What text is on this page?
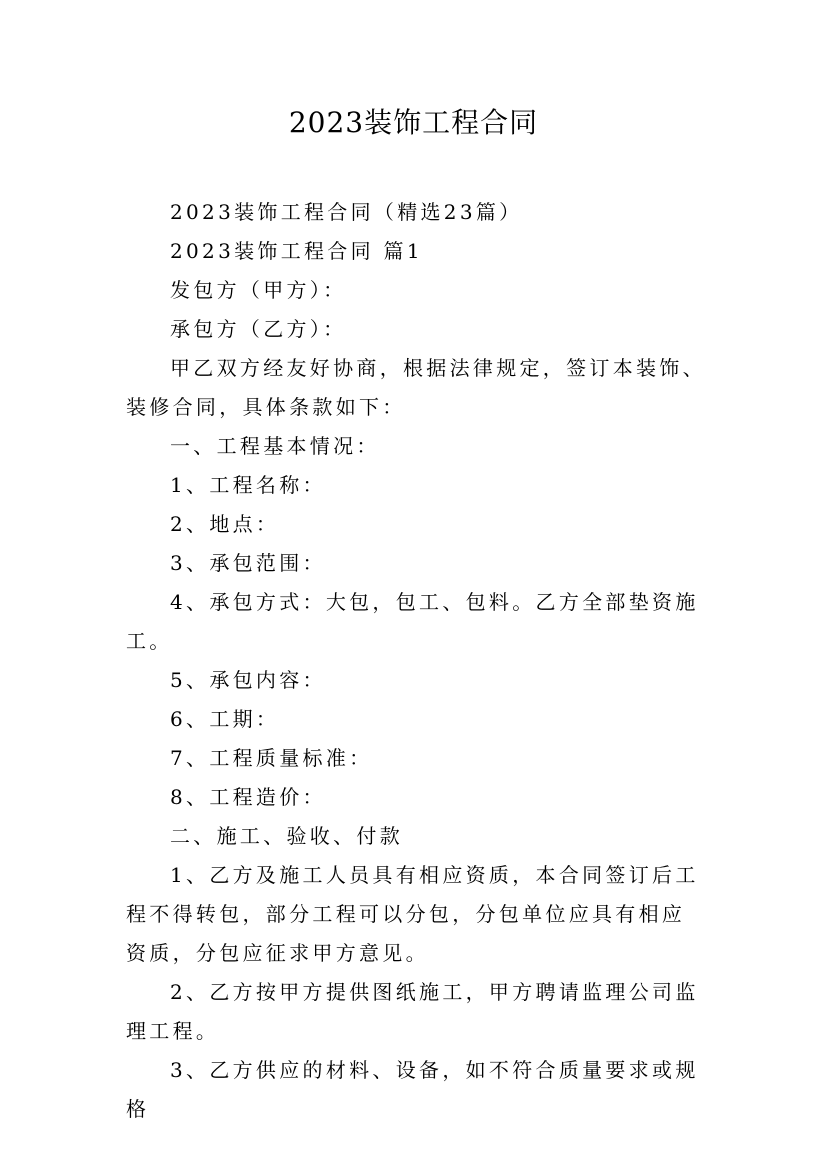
2023装饰工程合同

2023装饰工程合同（精选23篇）

2023装饰工程合同 篇1

发包方（甲方）：

承包方（乙方）：

甲乙双方经友好协商，根据法律规定，签订本装饰、装修合同，具体条款如下：

一、工程基本情况：

1、工程名称：

2、地点：

3、承包范围：

4、承包方式：大包，包工、包料。乙方全部垫资施工。

5、承包内容：

6、工期：

7、工程质量标准：

8、工程造价：

二、施工、验收、付款

1、乙方及施工人员具有相应资质，本合同签订后工程不得转包，部分工程可以分包，分包单位应具有相应资质，分包应征求甲方意见。

2、乙方按甲方提供图纸施工，甲方聘请监理公司监理工程。

3、乙方供应的材料、设备，如不符合质量要求或规格
